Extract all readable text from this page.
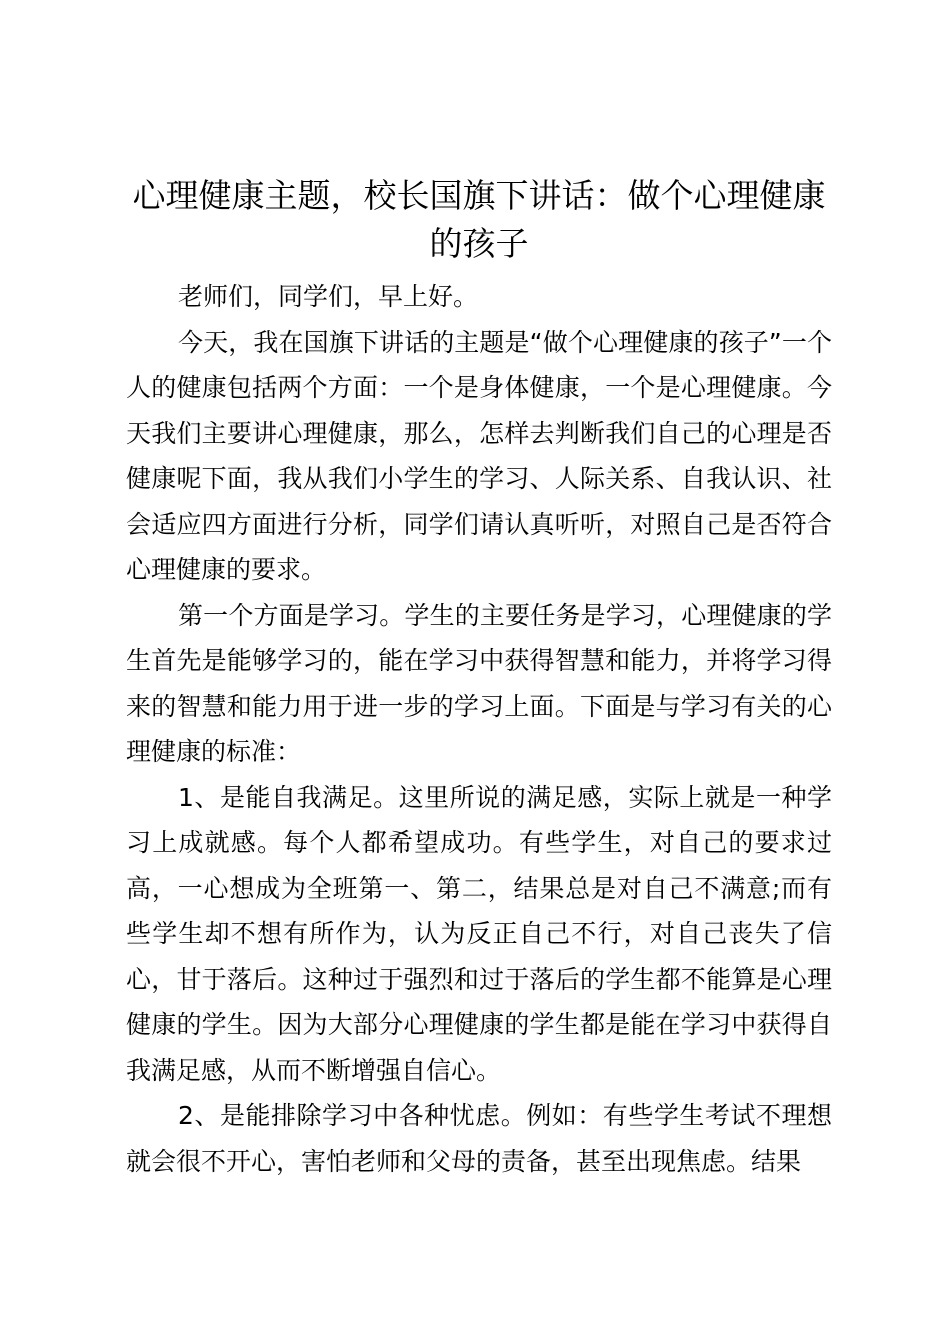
心理健康主题，校长国旗下讲话：做个心理健康的孩子

老师们，同学们，早上好。

今天，我在国旗下讲话的主题是“做个心理健康的孩子”一个人的健康包括两个方面：一个是身体健康，一个是心理健康。今天我们主要讲心理健康，那么，怎样去判断我们自己的心理是否健康呢下面，我从我们小学生的学习、人际关系、自我认识、社会适应四方面进行分析，同学们请认真听听，对照自己是否符合心理健康的要求。

第一个方面是学习。学生的主要任务是学习，心理健康的学生首先是能够学习的，能在学习中获得智慧和能力，并将学习得来的智慧和能力用于进一步的学习上面。下面是与学习有关的心理健康的标准：

1、是能自我满足。这里所说的满足感，实际上就是一种学习上成就感。每个人都希望成功。有些学生，对自己的要求过高，一心想成为全班第一、第二，结果总是对自己不满意;而有些学生却不想有所作为，认为反正自己不行，对自己丧失了信心，甘于落后。这种过于强烈和过于落后的学生都不能算是心理健康的学生。因为大部分心理健康的学生都是能在学习中获得自我满足感，从而不断增强自信心。

2、是能排除学习中各种忧虑。例如：有些学生考试不理想就会很不开心，害怕老师和父母的责备，甚至出现焦虑。结果
